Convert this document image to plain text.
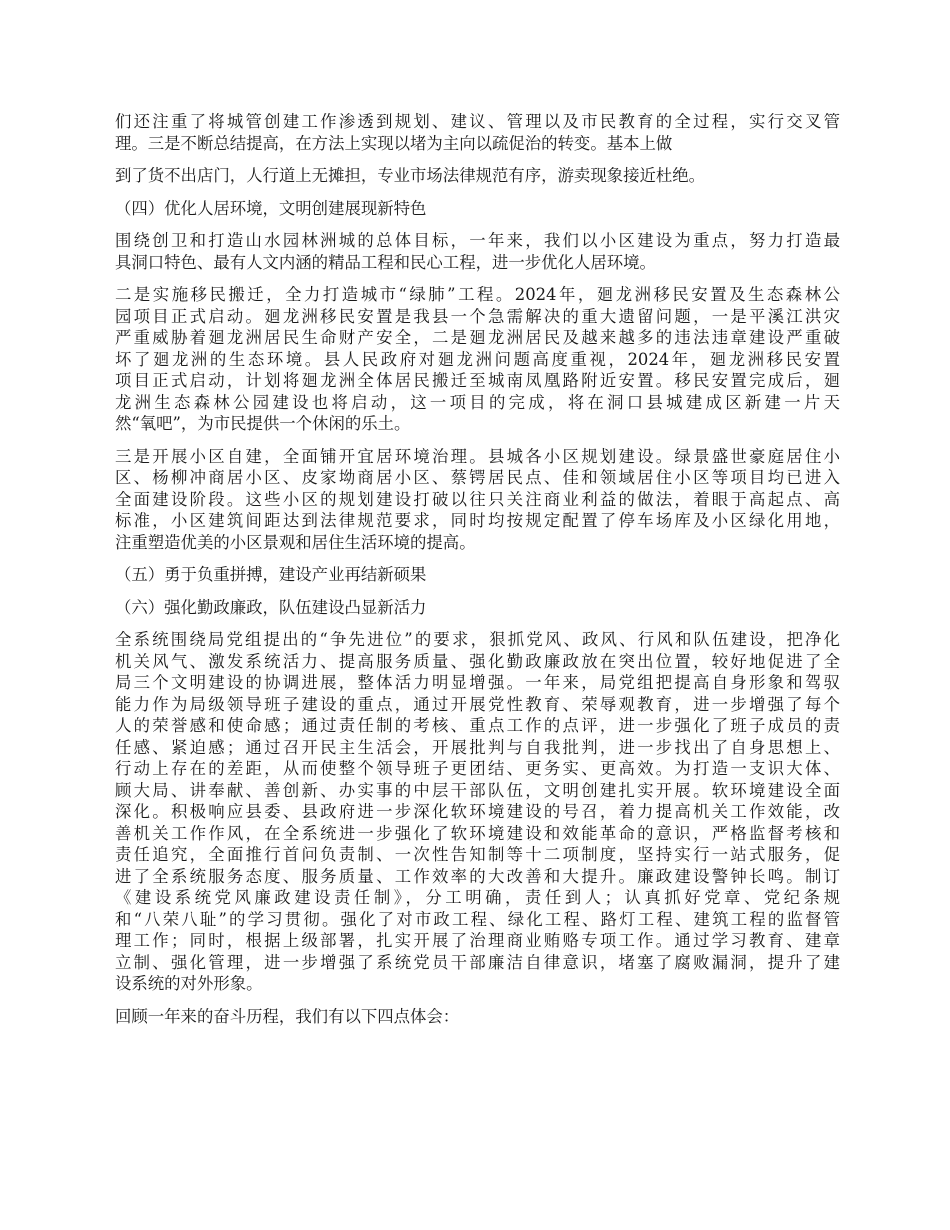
们还注重了将城管创建工作渗透到规划、建议、管理以及市民教育的全过程，实行交叉管
理。三是不断总结提高，在方法上实现以堵为主向以疏促治的转变。基本上做
到了货不出店门，人行道上无摊担，专业市场法律规范有序，游卖现象接近杜绝。
（四）优化人居环境，文明创建展现新特色
围绕创卫和打造山水园林洲城的总体目标，一年来，我们以小区建设为重点，努力打造最
具洞口特色、最有人文内涵的精品工程和民心工程，进一步优化人居环境。
二是实施移民搬迁，全力打造城市“绿肺”工程。2024年，廻龙洲移民安置及生态森林公
园项目正式启动。廻龙洲移民安置是我县一个急需解决的重大遗留问题，一是平溪江洪灾
严重威胁着廻龙洲居民生命财产安全，二是廻龙洲居民及越来越多的违法违章建设严重破
坏了廻龙洲的生态环境。县人民政府对廻龙洲问题高度重视，2024年，廻龙洲移民安置
项目正式启动，计划将廻龙洲全体居民搬迁至城南凤凰路附近安置。移民安置完成后，廻
龙洲生态森林公园建设也将启动，这一项目的完成，将在洞口县城建成区新建一片天
然“氧吧”，为市民提供一个休闲的乐土。
三是开展小区自建，全面铺开宜居环境治理。县城各小区规划建设。绿景盛世豪庭居住小
区、杨柳冲商居小区、皮家坳商居小区、蔡锷居民点、佳和领域居住小区等项目均已进入
全面建设阶段。这些小区的规划建设打破以往只关注商业利益的做法，着眼于高起点、高
标准，小区建筑间距达到法律规范要求，同时均按规定配置了停车场库及小区绿化用地，
注重塑造优美的小区景观和居住生活环境的提高。
（五）勇于负重拼搏，建设产业再结新硕果
（六）强化勤政廉政，队伍建设凸显新活力
全系统围绕局党组提出的“争先进位”的要求，狠抓党风、政风、行风和队伍建设，把净化
机关风气、激发系统活力、提高服务质量、强化勤政廉政放在突出位置，较好地促进了全
局三个文明建设的协调进展，整体活力明显增强。一年来，局党组把提高自身形象和驾驭
能力作为局级领导班子建设的重点，通过开展党性教育、荣辱观教育，进一步增强了每个
人的荣誉感和使命感；通过责任制的考核、重点工作的点评，进一步强化了班子成员的责
任感、紧迫感；通过召开民主生活会，开展批判与自我批判，进一步找出了自身思想上、
行动上存在的差距，从而使整个领导班子更团结、更务实、更高效。为打造一支识大体、
顾大局、讲奉献、善创新、办实事的中层干部队伍，文明创建扎实开展。软环境建设全面
深化。积极响应县委、县政府进一步深化软环境建设的号召，着力提高机关工作效能，改
善机关工作作风，在全系统进一步强化了软环境建设和效能革命的意识，严格监督考核和
责任追究，全面推行首问负责制、一次性告知制等十二项制度，坚持实行一站式服务，促
进了全系统服务态度、服务质量、工作效率的大改善和大提升。廉政建设警钟长鸣。制订
《建设系统党风廉政建设责任制》，分工明确，责任到人；认真抓好党章、党纪条规
和“八荣八耻”的学习贯彻。强化了对市政工程、绿化工程、路灯工程、建筑工程的监督管
理工作；同时，根据上级部署，扎实开展了治理商业贿赂专项工作。通过学习教育、建章
立制、强化管理，进一步增强了系统党员干部廉洁自律意识，堵塞了腐败漏洞，提升了建
设系统的对外形象。
回顾一年来的奋斗历程，我们有以下四点体会：
